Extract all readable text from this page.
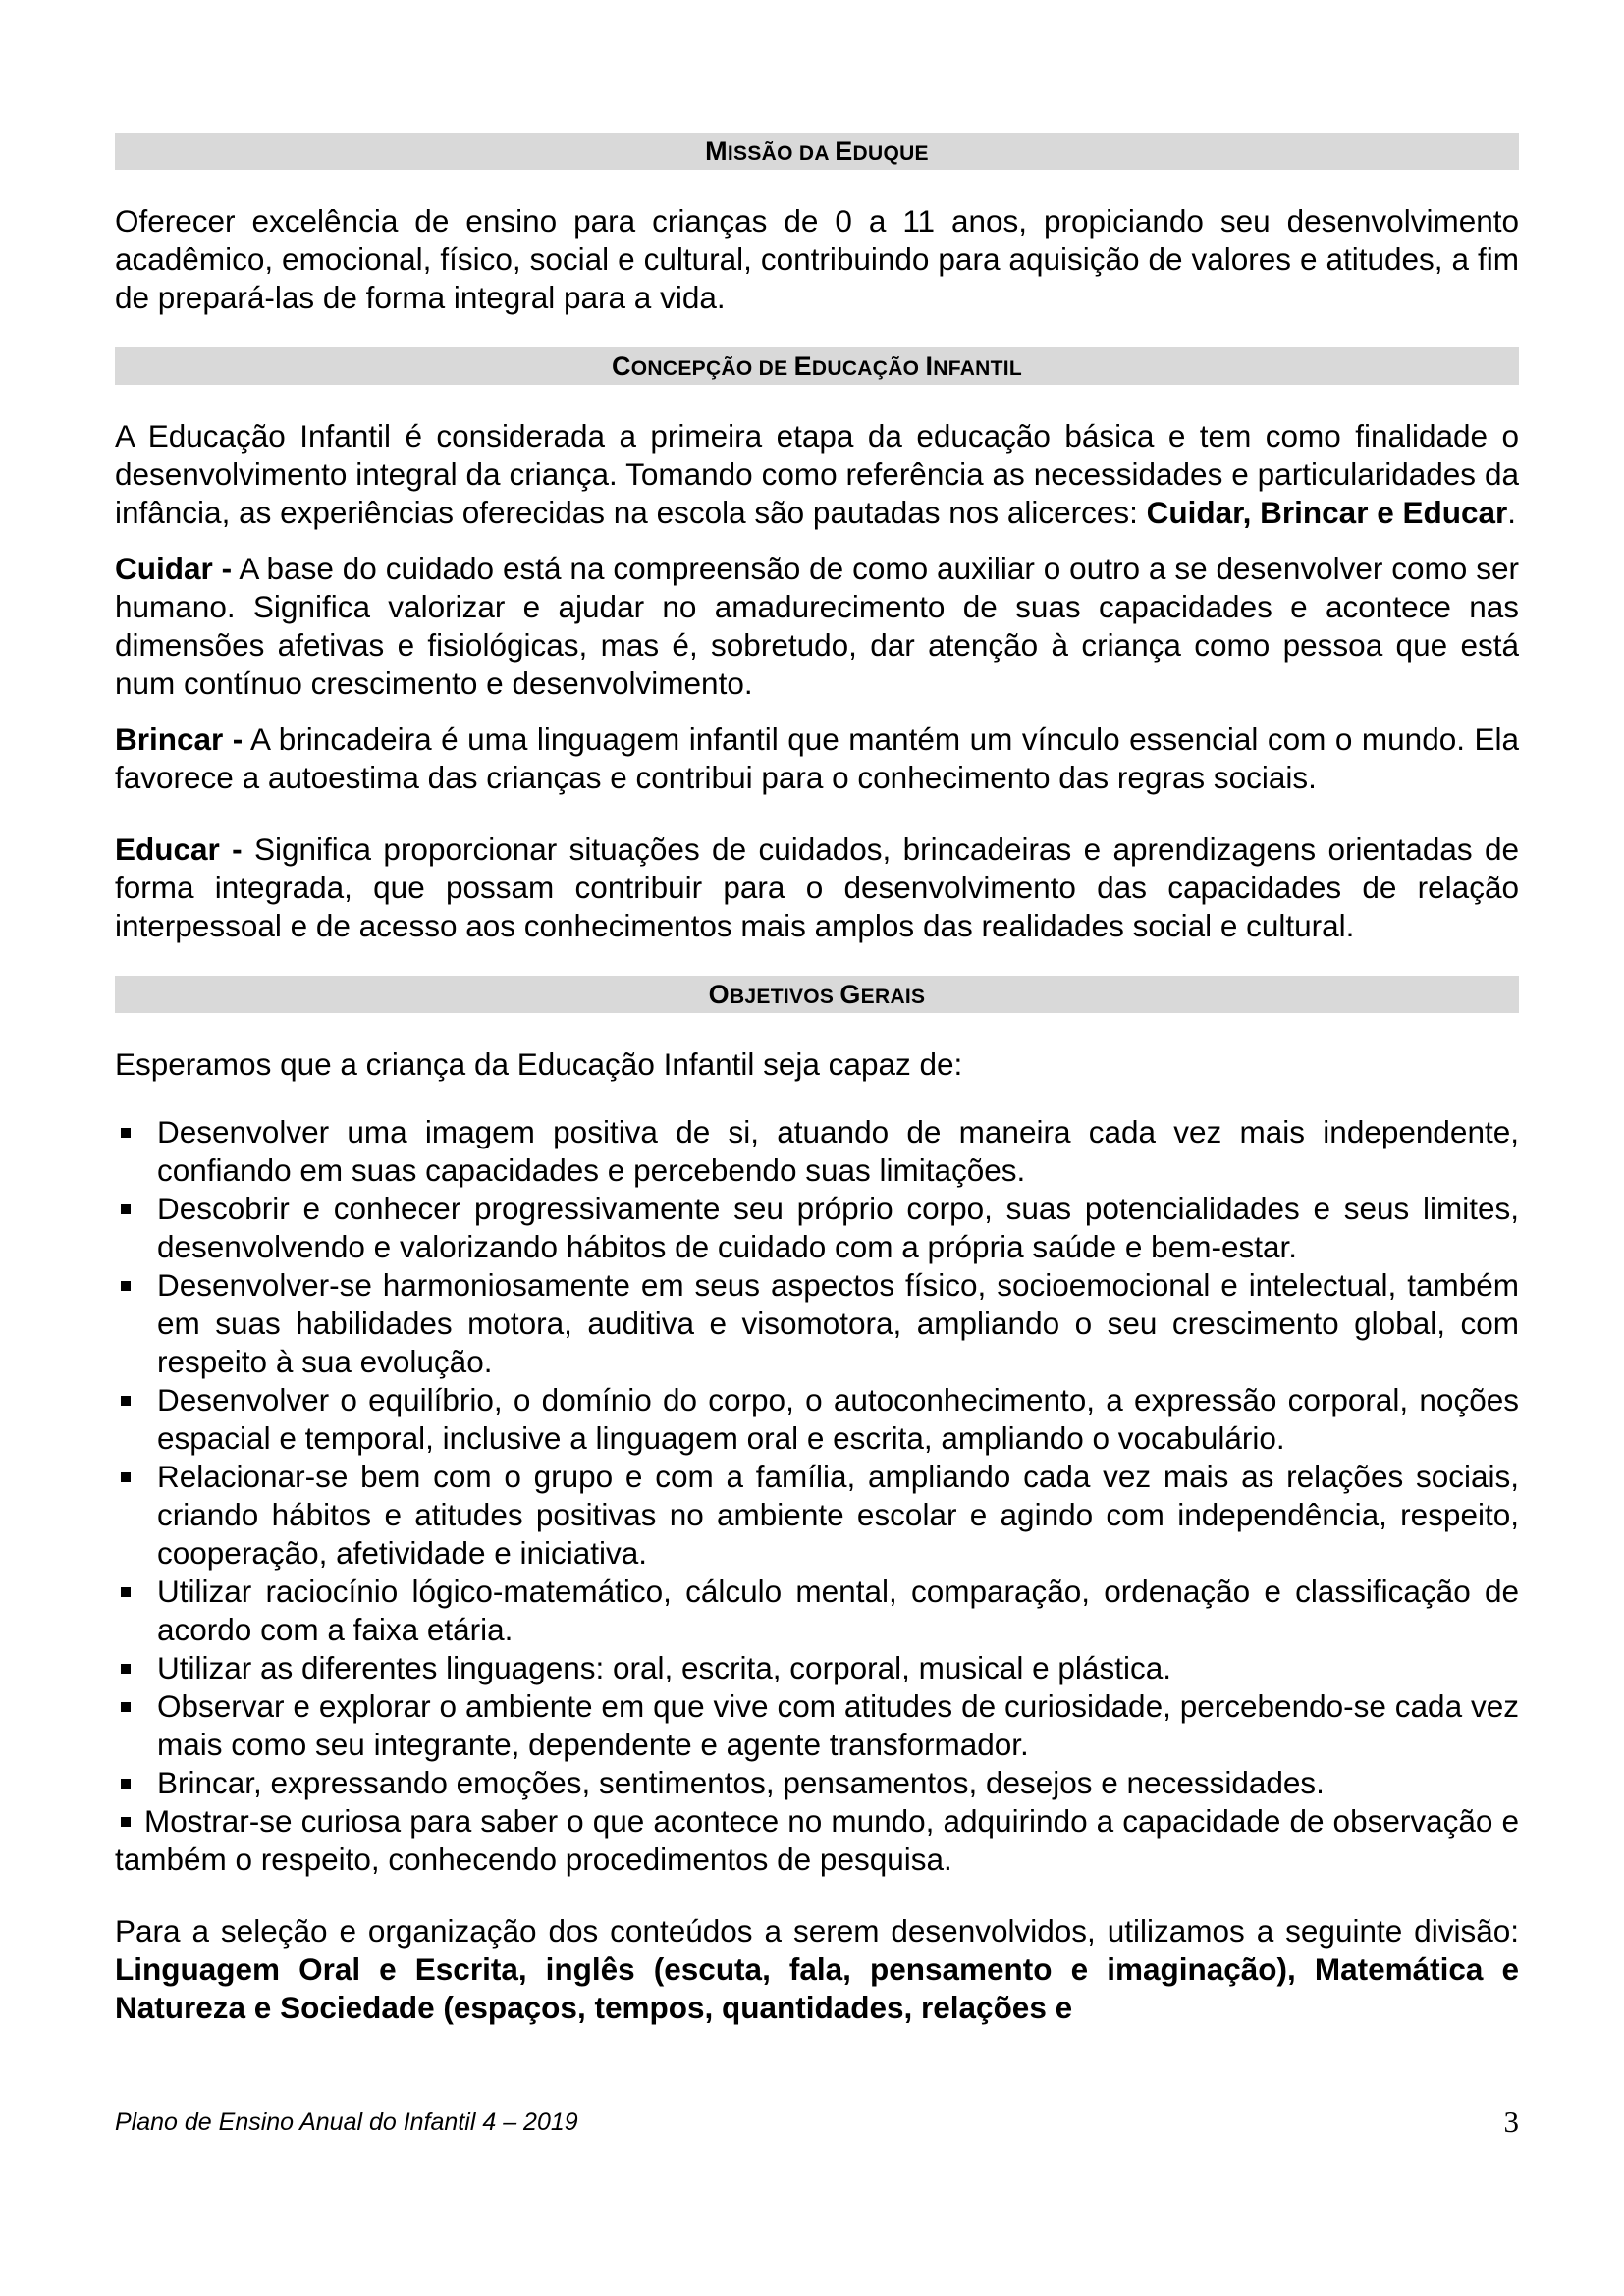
MISSÃO DA EDUQUE

Oferecer excelência de ensino para crianças de 0 a 11 anos, propiciando seu desenvolvimento acadêmico, emocional, físico, social e cultural, contribuindo para aquisição de valores e atitudes, a fim de prepará-las de forma integral para a vida.

CONCEPÇÃO DE EDUCAÇÃO INFANTIL

A Educação Infantil é considerada a primeira etapa da educação básica e tem como finalidade o desenvolvimento integral da criança. Tomando como referência as necessidades e particularidades da infância, as experiências oferecidas na escola são pautadas nos alicerces: Cuidar, Brincar e Educar.

Cuidar - A base do cuidado está na compreensão de como auxiliar o outro a se desenvolver como ser humano. Significa valorizar e ajudar no amadurecimento de suas capacidades e acontece nas dimensões afetivas e fisiológicas, mas é, sobretudo, dar atenção à criança como pessoa que está num contínuo crescimento e desenvolvimento.

Brincar - A brincadeira é uma linguagem infantil que mantém um vínculo essencial com o mundo. Ela favorece a autoestima das crianças e contribui para o conhecimento das regras sociais.

Educar - Significa proporcionar situações de cuidados, brincadeiras e aprendizagens orientadas de forma integrada, que possam contribuir para o desenvolvimento das capacidades de relação interpessoal e de acesso aos conhecimentos mais amplos das realidades social e cultural.

OBJETIVOS GERAIS

Esperamos que a criança da Educação Infantil seja capaz de:

Desenvolver uma imagem positiva de si, atuando de maneira cada vez mais independente, confiando em suas capacidades e percebendo suas limitações.
Descobrir e conhecer progressivamente seu próprio corpo, suas potencialidades e seus limites, desenvolvendo e valorizando hábitos de cuidado com a própria saúde e bem-estar.
Desenvolver-se harmoniosamente em seus aspectos físico, socioemocional e intelectual, também em suas habilidades motora, auditiva e visomotora, ampliando o seu crescimento global, com respeito à sua evolução.
Desenvolver o equilíbrio, o domínio do corpo, o autoconhecimento, a expressão corporal, noções espacial e temporal, inclusive a linguagem oral e escrita, ampliando o vocabulário.
Relacionar-se bem com o grupo e com a família, ampliando cada vez mais as relações sociais, criando hábitos e atitudes positivas no ambiente escolar e agindo com independência, respeito, cooperação, afetividade e iniciativa.
Utilizar raciocínio lógico-matemático, cálculo mental, comparação, ordenação e classificação de acordo com a faixa etária.
Utilizar as diferentes linguagens: oral, escrita, corporal, musical e plástica.
Observar e explorar o ambiente em que vive com atitudes de curiosidade, percebendo-se cada vez mais como seu integrante, dependente e agente transformador.
Brincar, expressando emoções, sentimentos, pensamentos, desejos e necessidades.
Mostrar-se curiosa para saber o que acontece no mundo, adquirindo a capacidade de observação e também o respeito, conhecendo procedimentos de pesquisa.

Para a seleção e organização dos conteúdos a serem desenvolvidos, utilizamos a seguinte divisão: Linguagem Oral e Escrita, inglês (escuta, fala, pensamento e imaginação), Matemática e Natureza e Sociedade (espaços, tempos, quantidades, relações e

Plano de Ensino Anual do Infantil 4 – 2019	3
